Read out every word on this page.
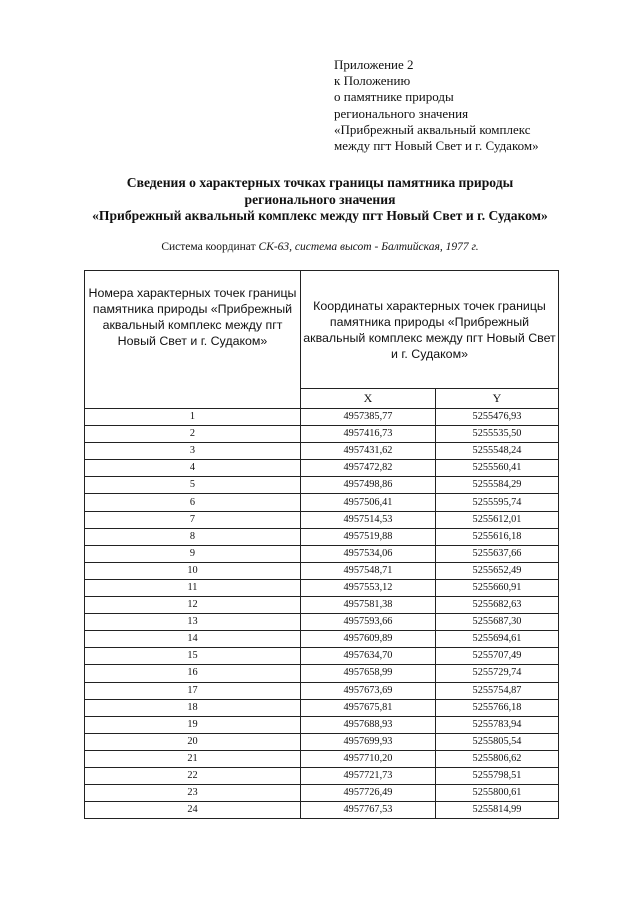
Приложение 2
к Положению
о памятнике природы
регионального значения
«Прибрежный аквальный комплекс
между пгт Новый Свет и г. Судаком»
Сведения о характерных точках границы памятника природы
регионального значения
«Прибрежный аквальный комплекс между пгт Новый Свет и г. Судаком»
Система координат СК-63, система высот - Балтийская, 1977 г.
Номера характерных точек границы памятника природы «Прибрежный аквальный комплекс между пгт Новый Свет и г. Судаком»	Координаты характерных точек границы памятника природы «Прибрежный аквальный комплекс между пгт Новый Свет и г. Судаком»	
	X	Y
1	4957385,77	5255476,93
2	4957416,73	5255535,50
3	4957431,62	5255548,24
4	4957472,82	5255560,41
5	4957498,86	5255584,29
6	4957506,41	5255595,74
7	4957514,53	5255612,01
8	4957519,88	5255616,18
9	4957534,06	5255637,66
10	4957548,71	5255652,49
11	4957553,12	5255660,91
12	4957581,38	5255682,63
13	4957593,66	5255687,30
14	4957609,89	5255694,61
15	4957634,70	5255707,49
16	4957658,99	5255729,74
17	4957673,69	5255754,87
18	4957675,81	5255766,18
19	4957688,93	5255783,94
20	4957699,93	5255805,54
21	4957710,20	5255806,62
22	4957721,73	5255798,51
23	4957726,49	5255800,61
24	4957767,53	5255814,99
